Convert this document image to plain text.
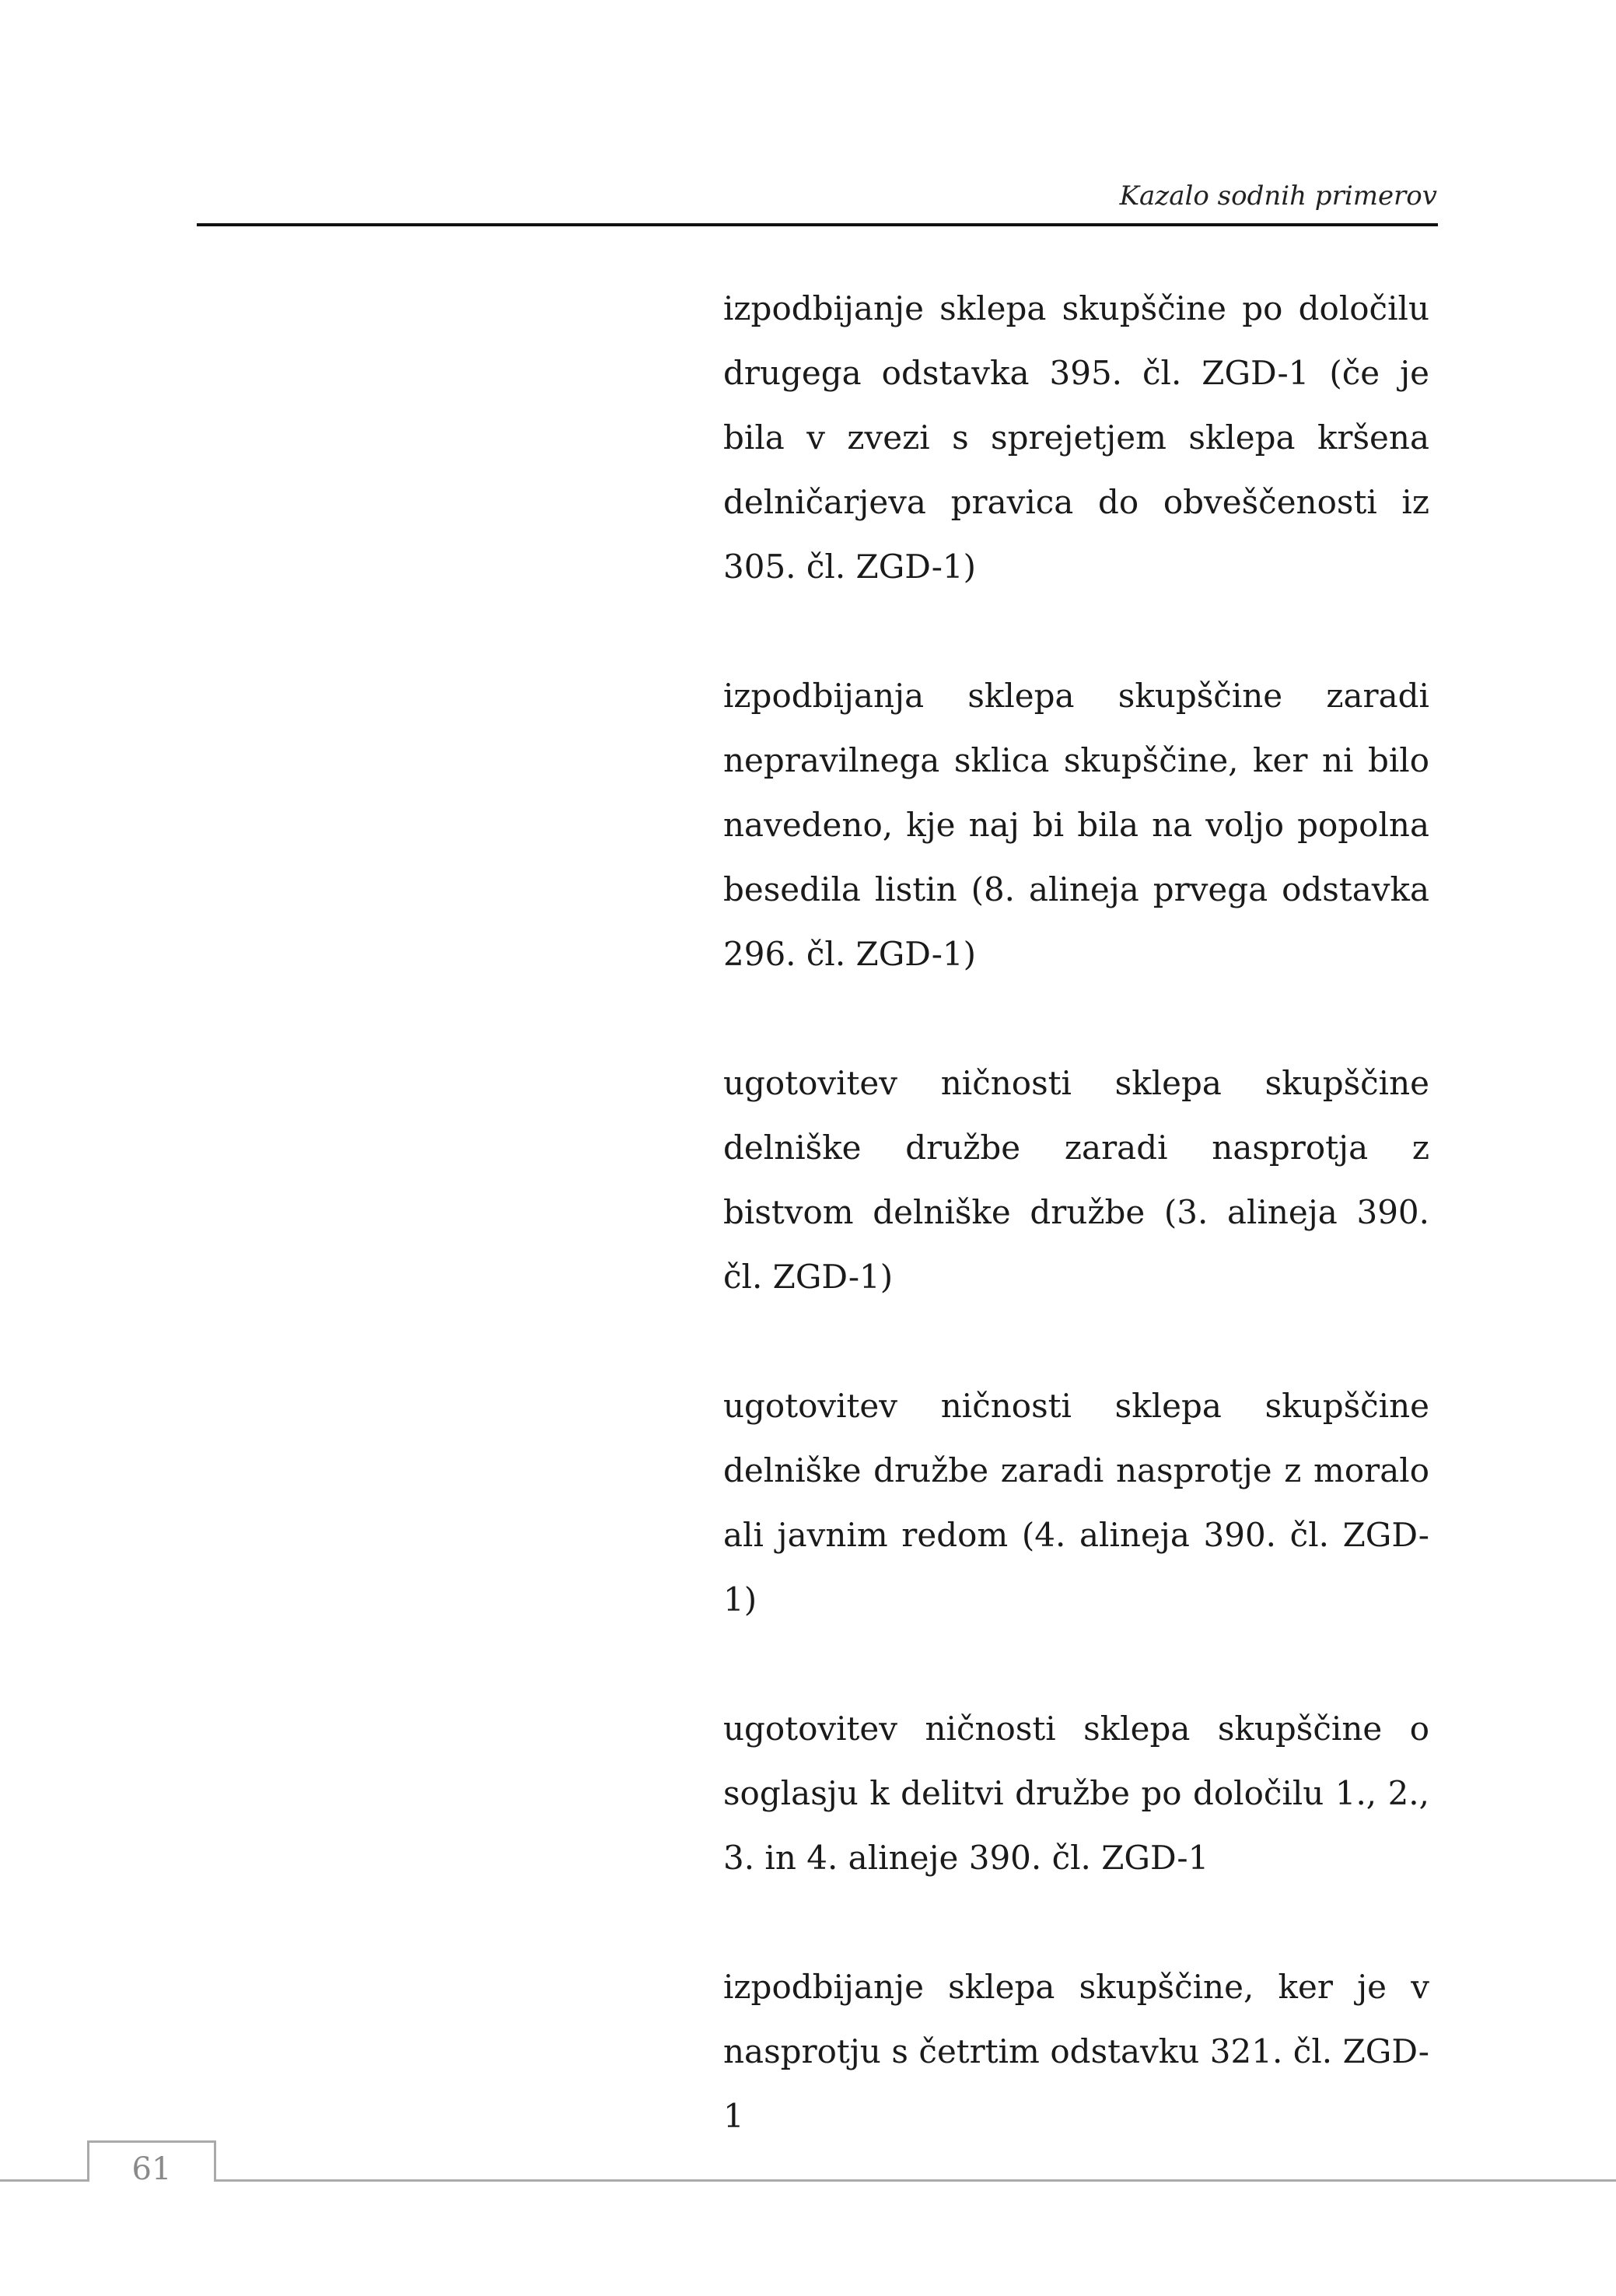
Kazalo sodnih primerov

izpodbijanje sklepa skupščine po določilu drugega odstavka 395. čl. ZGD-1 (če je bila v zvezi s sprejetjem sklepa kršena delničarjeva pravica do obveščenosti iz 305. čl. ZGD-1)

izpodbijanja sklepa skupščine zaradi nepravilnega sklica skupščine, ker ni bilo navedeno, kje naj bi bila na voljo popolna besedila listin (8. alineja prvega odstavka 296. čl. ZGD-1)

ugotovitev ničnosti sklepa skupščine delniške družbe zaradi nasprotja z bistvom delniške družbe (3. alineja 390. čl. ZGD-1)

ugotovitev ničnosti sklepa skupščine delniške družbe zaradi nasprotje z moralo ali javnim redom (4. alineja 390. čl. ZGD-1)

ugotovitev ničnosti sklepa skupščine o soglasju k delitvi družbe po določilu 1., 2., 3. in 4. alineje 390. čl. ZGD-1

izpodbijanje sklepa skupščine, ker je v nasprotju s četrtim odstavku 321. čl. ZGD-1

61
